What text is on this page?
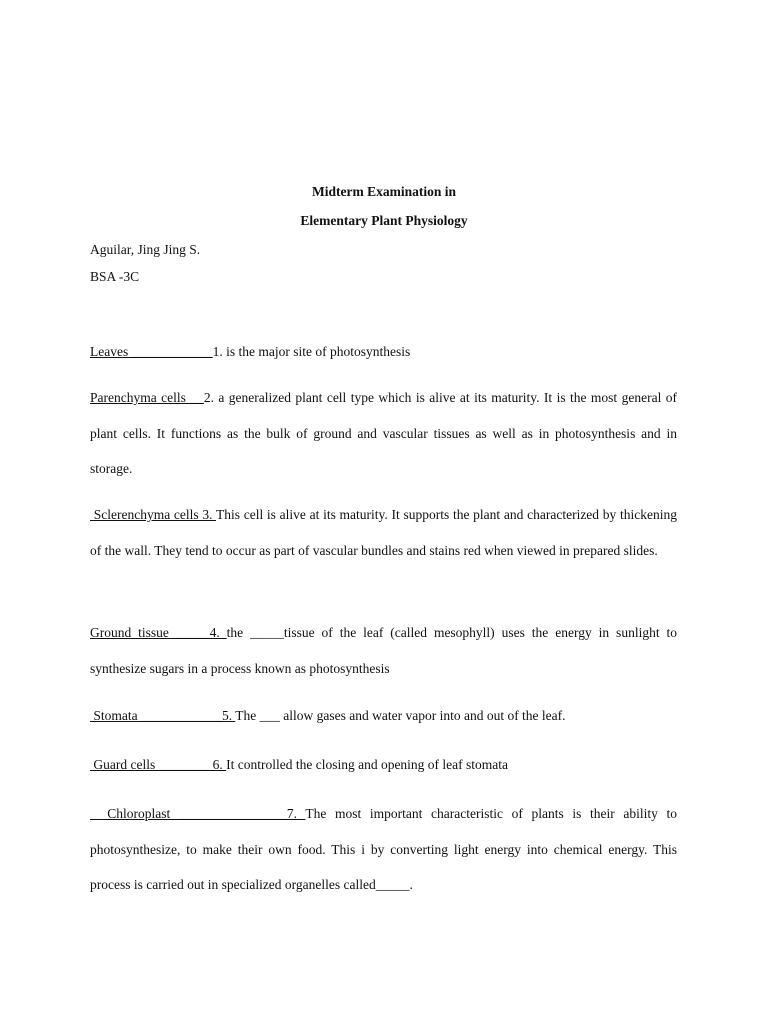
Midterm Examination in
Elementary Plant Physiology
Aguilar, Jing Jing S.
BSA -3C
Leaves ____________1. is the major site of photosynthesis
Parenchyma cells __2. a generalized plant cell type which is alive at its maturity. It is the most general of plant cells. It functions as the bulk of ground and vascular tissues as well as in photosynthesis and in storage.
Sclerenchyma cells 3. This cell is alive at its maturity. It supports the plant and characterized by thickening of the wall. They tend to occur as part of vascular bundles and stains red when viewed in prepared slides.
Ground tissue _____4. the _____tissue of the leaf (called mesophyll) uses the energy in sunlight to synthesize sugars in a process known as photosynthesis
Stomata ____________5. The ___ allow gases and water vapor into and out of the leaf.
Guard cells ________6. It controlled the closing and opening of leaf stomata
Chloroplast ________________7. The most important characteristic of plants is their ability to photosynthesize, to make their own food. This i by converting light energy into chemical energy. This process is carried out in specialized organelles called_____.
